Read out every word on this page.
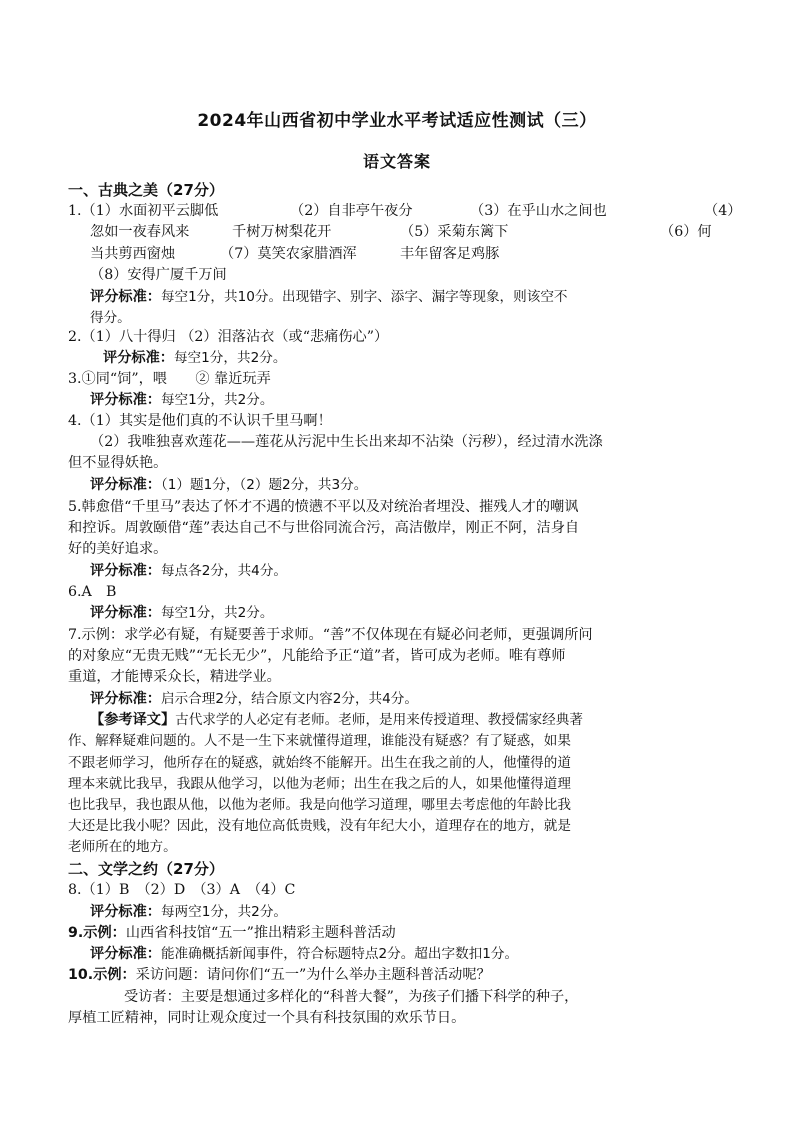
2024年山西省初中学业水平考试适应性测试（三）
语文答案
一、古典之美（27分）
1.（1）水面初平云脚低	（2）自非亭午夜分	（3）在乎山水之间也	（4）
忽如一夜春风来	千树万树梨花开	（5）采菊东篱下	（6）何
当共剪西窗烛	（7）莫笑农家腊酒浑	丰年留客足鸡豚
（8）安得广厦千万间
评分标准：每空1分，共10分。出现错字、别字、添字、漏字等现象，则该空不
得分。
2.（1）八十得归 （2）泪落沾衣（或“悲痛伤心”）
评分标准：每空1分，共2分。
3.①同“饲”，喂　　② 靠近玩弄
评分标准：每空1分，共2分。
4.（1）其实是他们真的不认识千里马啊！
（2）我唯独喜欢莲花——莲花从污泥中生长出来却不沾染（污秽），经过清水洗涤
但不显得妖艳。
评分标准：（1）题1分，（2）题2分，共3分。
5.韩愈借“千里马”表达了怀才不遇的愤懑不平以及对统治者埋没、摧残人才的嘲讽
和控诉。周敦颐借“莲”表达自己不与世俗同流合污，高洁傲岸，刚正不阿，洁身自
好的美好追求。
评分标准：每点各2分，共4分。
6.A　B
评分标准：每空1分，共2分。
7.示例：求学必有疑，有疑要善于求师。“善”不仅体现在有疑必问老师，更强调所问
的对象应“无贵无贱”“无长无少”，凡能给予正“道”者，皆可成为老师。唯有尊师
重道，才能博采众长，精进学业。
评分标准：启示合理2分，结合原文内容2分，共4分。
【参考译文】古代求学的人必定有老师。老师，是用来传授道理、教授儒家经典著
作、解释疑难问题的。人不是一生下来就懂得道理，谁能没有疑惑？有了疑惑，如果
不跟老师学习，他所存在的疑惑，就始终不能解开。出生在我之前的人，他懂得的道
理本来就比我早，我跟从他学习，以他为老师；出生在我之后的人，如果他懂得道理
也比我早，我也跟从他，以他为老师。我是向他学习道理，哪里去考虑他的年龄比我
大还是比我小呢？因此，没有地位高低贵贱，没有年纪大小，道理存在的地方，就是
老师所在的地方。
二、文学之约（27分）
8.（1）B　（2）D　（3）A　（4）C
评分标准：每两空1分，共2分。
9.示例：山西省科技馆“五一”推出精彩主题科普活动
评分标准：能准确概括新闻事件，符合标题特点2分。超出字数扣1分。
10.示例：采访问题：请问你们“五一”为什么举办主题科普活动呢？
受访者：主要是想通过多样化的“科普大餐”，为孩子们播下科学的种子，
厚植工匠精神，同时让观众度过一个具有科技氛围的欢乐节日。
